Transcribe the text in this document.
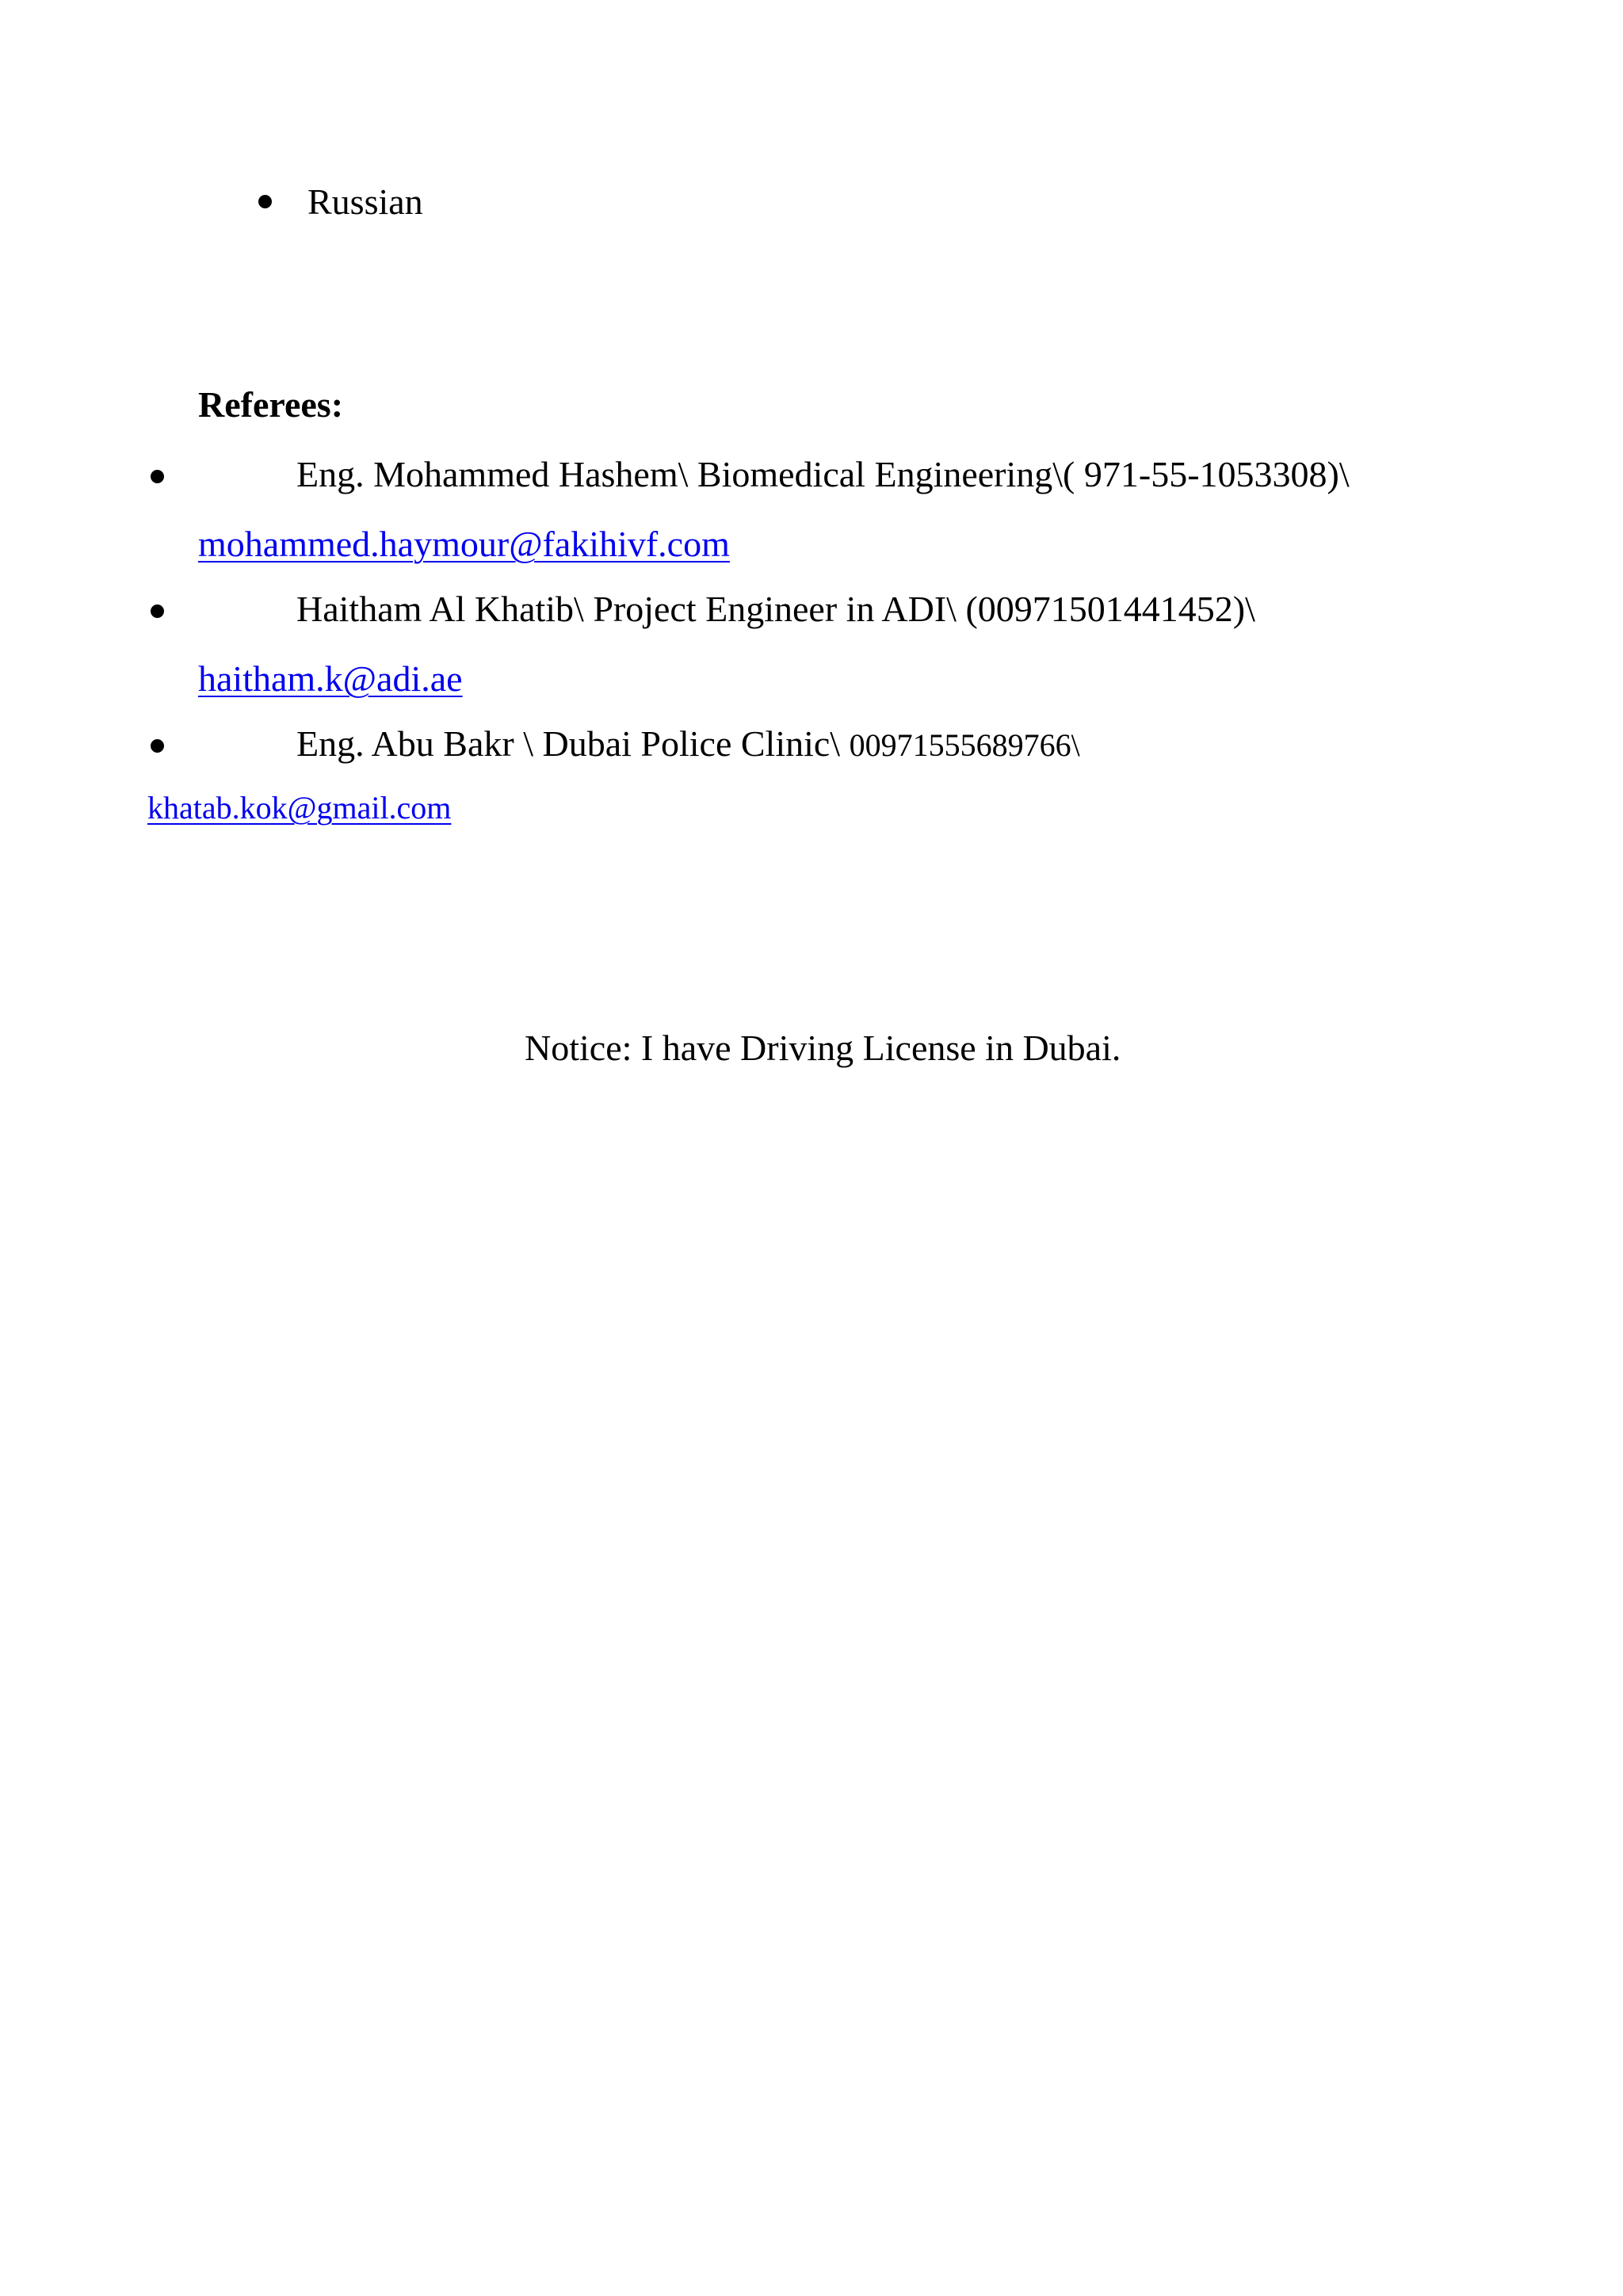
Russian
Referees:
Eng. Mohammed Hashem\ Biomedical Engineering\( 971-55-1053308)\
mohammed.haymour@fakihivf.com
Haitham Al Khatib\ Project Engineer in ADI\ (00971501441452)\
haitham.k@adi.ae
Eng. Abu Bakr \ Dubai Police Clinic\ 00971555689766\
khatab.kok@gmail.com
Notice: I have Driving License in Dubai.
